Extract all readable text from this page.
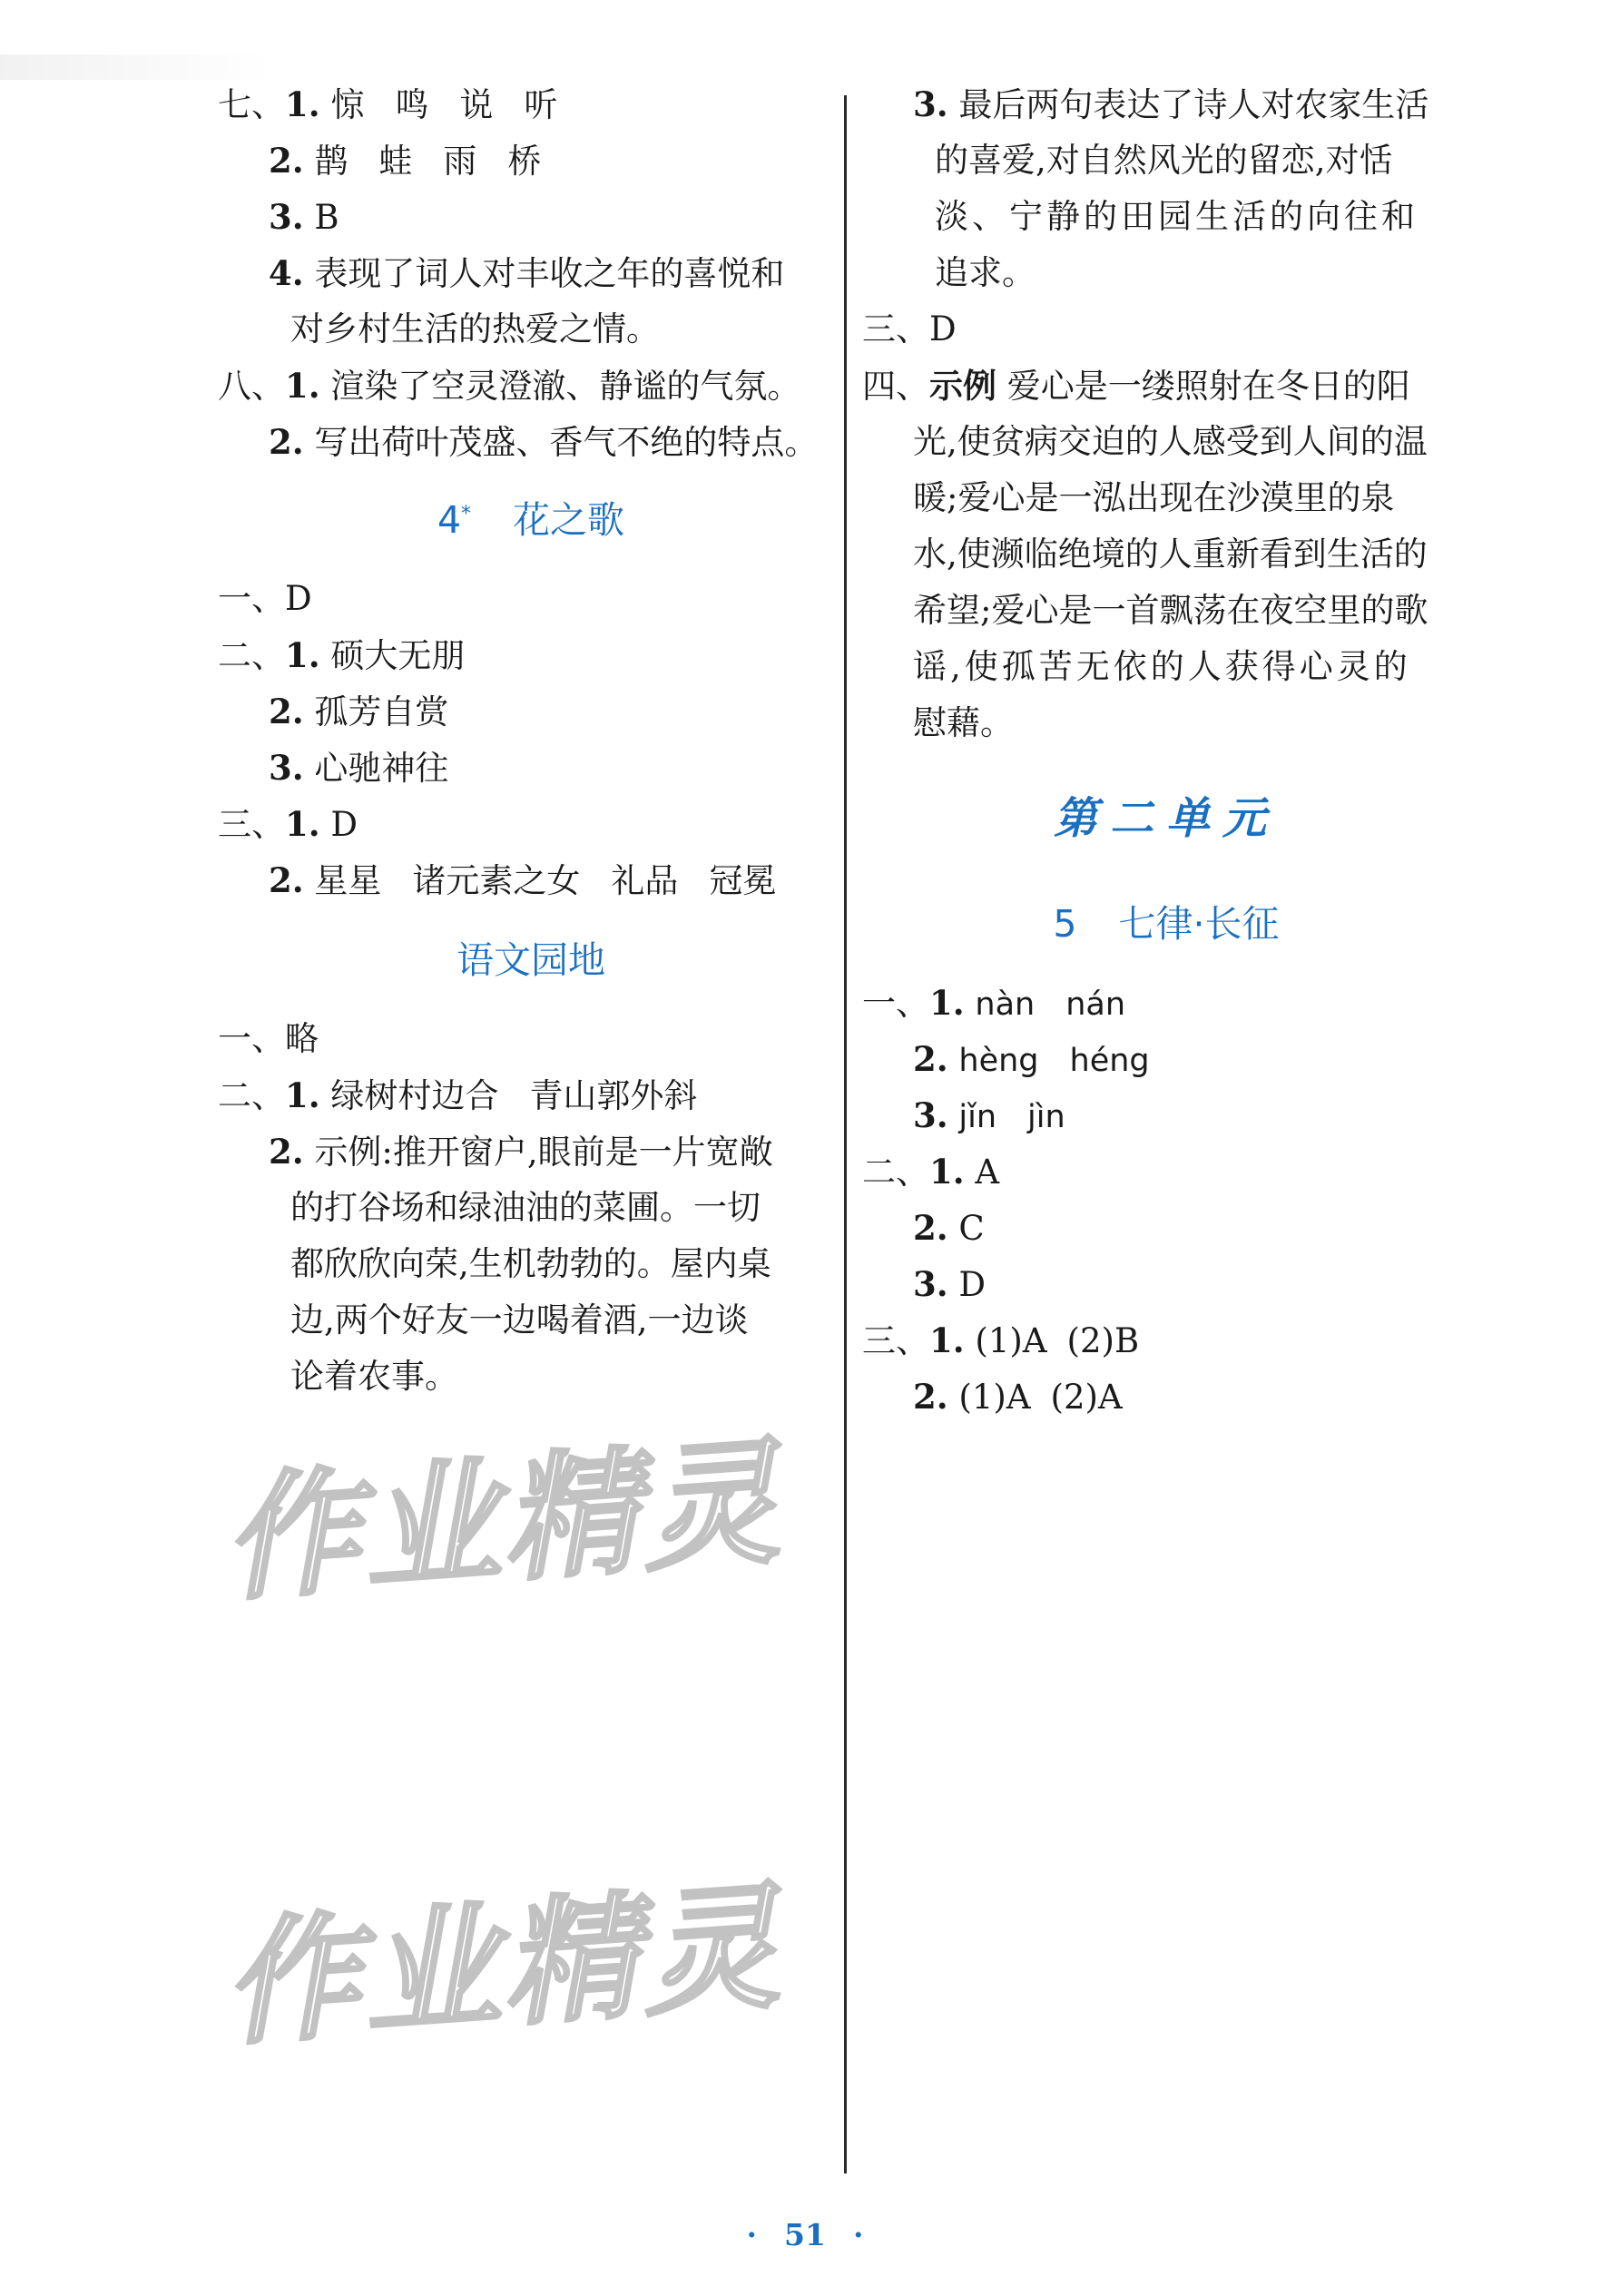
七、1. 惊 鸣 说 听
2. 鹊 蛙 雨 桥
3. B
4. 表现了词人对丰收之年的喜悦和
对乡村生活的热爱之情。
八、1. 渲染了空灵澄澈、静谧的气氛。
2. 写出荷叶茂盛、香气不绝的特点。
4* 花之歌
一、D
二、1. 硕大无朋
2. 孤芳自赏
3. 心驰神往
三、1. D
2. 星星 诸元素之女 礼品 冠冕
语文园地
一、略
二、1. 绿树村边合 青山郭外斜
2. 示例:推开窗户,眼前是一片宽敞
的打谷场和绿油油的菜圃。一切
都欣欣向荣,生机勃勃的。屋内桌
边,两个好友一边喝着酒,一边谈
论着农事。
3. 最后两句表达了诗人对农家生活
的喜爱,对自然风光的留恋,对恬
淡、宁静的田园生活的向往和
追求。
三、D
四、示例 爱心是一缕照射在冬日的阳
光,使贫病交迫的人感受到人间的温
暖;爱心是一泓出现在沙漠里的泉
水,使濒临绝境的人重新看到生活的
希望;爱心是一首飘荡在夜空里的歌
谣,使孤苦无依的人获得心灵的
慰藉。
第二单元
5 七律·长征
一、1. nàn nán
2. hèng héng
3. jǐn jìn
二、1. A
2. C
3. D
三、1. (1)A (2)B
2. (1)A (2)A
作业精灵
作业精灵
· 51 ·
